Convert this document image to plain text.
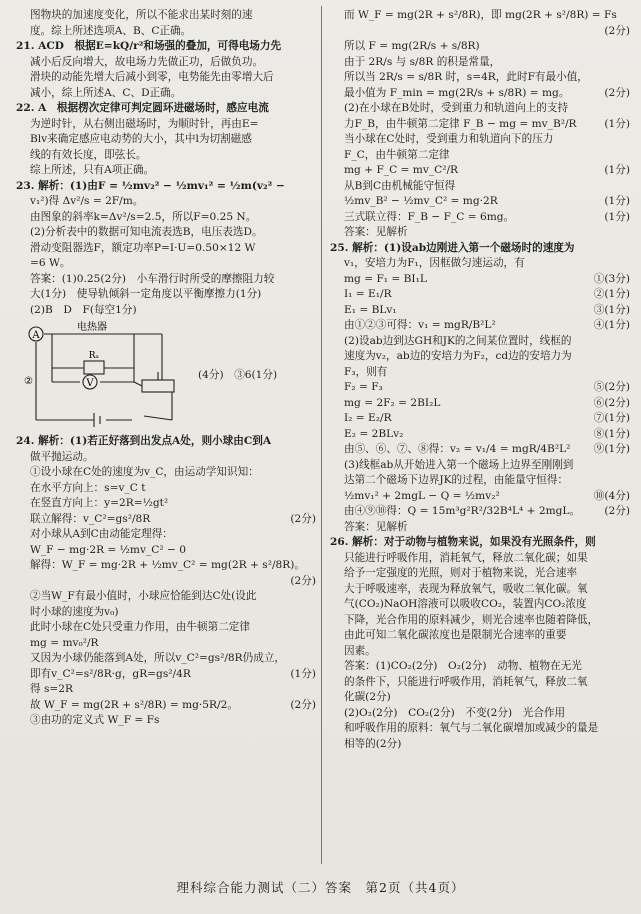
图物块的加速度变化，所以不能求出某时刻的速
度。综上所述选项A、B、C正确。
21. ACD　根据E=kQ/r²和场强的叠加，可得电场力先
减小后反向增大，故电场力先做正功，后做负功。
滑块的动能先增大后减小到零，电势能先由零增大后
减小，综上所述A、C、D正确。
22. A　根据楞次定律可判定圆环进磁场时，感应电流
为逆时针，从右侧出磁场时，为顺时针，再由E=
Blv来确定感应电动势的大小，其中l为切割磁感
线的有效长度，即弦长。
综上所述，只有A项正确。
23. 解析：(1)由F = ½mv₂² − ½mv₁² = ½m(v₂² −
v₁²)得 Δv²/s = 2F/m。
由图象的斜率k=Δv²/s=2.5，所以F=0.25 N。
(2)分析表中的数据可知电流表选B，电压表选D。
滑动变阻器选F，额定功率P=I·U=0.50×12 W
=6 W。
答案：(1)0.25(2分)　小车滑行时所受的摩擦阻力较
大(1分)　使导轨倾斜一定角度以平衡摩擦力(1分)
(2)B　D　F(每空1分)
A
V
电热器
Rₓ
②
(4分)　③6(1分)
24. 解析：(1)若正好落到出发点A处，则小球由C到A
做平抛运动。
①设小球在C处的速度为v_C，由运动学知识知：
在水平方向上：s=v_C t
在竖直方向上：y=2R=½gt²
联立解得：v_C²=gs²/8R	(2分)
对小球从A到C由动能定理得：
W_F − mg·2R = ½mv_C² − 0
解得：W_F = mg·2R + ½mv_C² = mg(2R + s²/8R)。
(2分)
②当W_F有最小值时，小球应恰能到达C处(设此
时小球的速度为v₀)
此时小球在C处只受重力作用，由牛顿第二定律
mg = mv₀²/R
又因为小球仍能落到A处，所以v_C²=gs²/8R仍成立，
即有v_C²=s²/8R·g，gR=gs²/4R	(1分)
得 s=2R
故 W_F = mg(2R + s²/8R) = mg·5R/2。	(2分)
③由功的定义式 W_F = Fs
而 W_F = mg(2R + s²/8R)，即 mg(2R + s²/8R) = Fs
(2分)
所以 F = mg(2R/s + s/8R)
由于 2R/s 与 s/8R 的积是常量，
所以当 2R/s = s/8R 时，s=4R，此时F有最小值，
最小值为 F_min = mg(2R/s + s/8R) = mg。	(2分)
(2)在小球在B处时，受到重力和轨道向上的支持
力F_B，由牛顿第二定律 F_B − mg = mv_B²/R	(1分)
当小球在C处时，受到重力和轨道向下的压力
F_C，由牛顿第二定律
mg + F_C = mv_C²/R	(1分)
从B到C由机械能守恒得
½mv_B² − ½mv_C² = mg·2R	(1分)
三式联立得：F_B − F_C = 6mg。	(1分)
答案：见解析
25. 解析：(1)设ab边刚进入第一个磁场时的速度为
v₁，安培力为F₁，因框做匀速运动，有
mg = F₁ = BI₁L	①(3分)
I₁ = E₁/R	②(1分)
E₁ = BLv₁	③(1分)
由①②③可得：v₁ = mgR/B²L²	④(1分)
(2)设ab边到达GH和JK的之间某位置时，线框的
速度为v₂，ab边的安培力为F₂，cd边的安培力为
F₃，则有
F₂ = F₃	⑤(2分)
mg = 2F₂ = 2BI₂L	⑥(2分)
I₂ = E₂/R	⑦(1分)
E₂ = 2BLv₂	⑧(1分)
由⑤、⑥、⑦、⑧得：v₂ = v₁/4 = mgR/4B²L² ⑨(1分)
(3)线框ab从开始进入第一个磁场上边界至刚刚到
达第二个磁场下边界JK的过程，由能量守恒得：
½mv₁² + 2mgL − Q = ½mv₂²	⑩(4分)
由④⑨⑩得：Q = 15m³g²R²/32B⁴L⁴ + 2mgL。 (2分)
答案：见解析
26. 解析：对于动物与植物来说，如果没有光照条件，则
只能进行呼吸作用，消耗氧气，释放二氧化碳；如果
给予一定强度的光照，则对于植物来说，光合速率
大于呼吸速率，表现为释放氧气，吸收二氧化碳。氧
气(CO₂)NaOH溶液可以吸收CO₂，装置内CO₂浓度
下降，光合作用的原料减少，则光合速率也随着降低，
由此可知二氧化碳浓度也是限制光合速率的重要
因素。
答案：(1)CO₂(2分)　O₂(2分)　动物、植物在无光
的条件下，只能进行呼吸作用，消耗氧气，释放二氧
化碳(2分)
(2)O₂(2分)　CO₂(2分)　不变(2分)　光合作用
和呼吸作用的原料：氧气与二氧化碳增加或减少的量是
相等的(2分)
理科综合能力测试（二）答案　第2页（共4页）
